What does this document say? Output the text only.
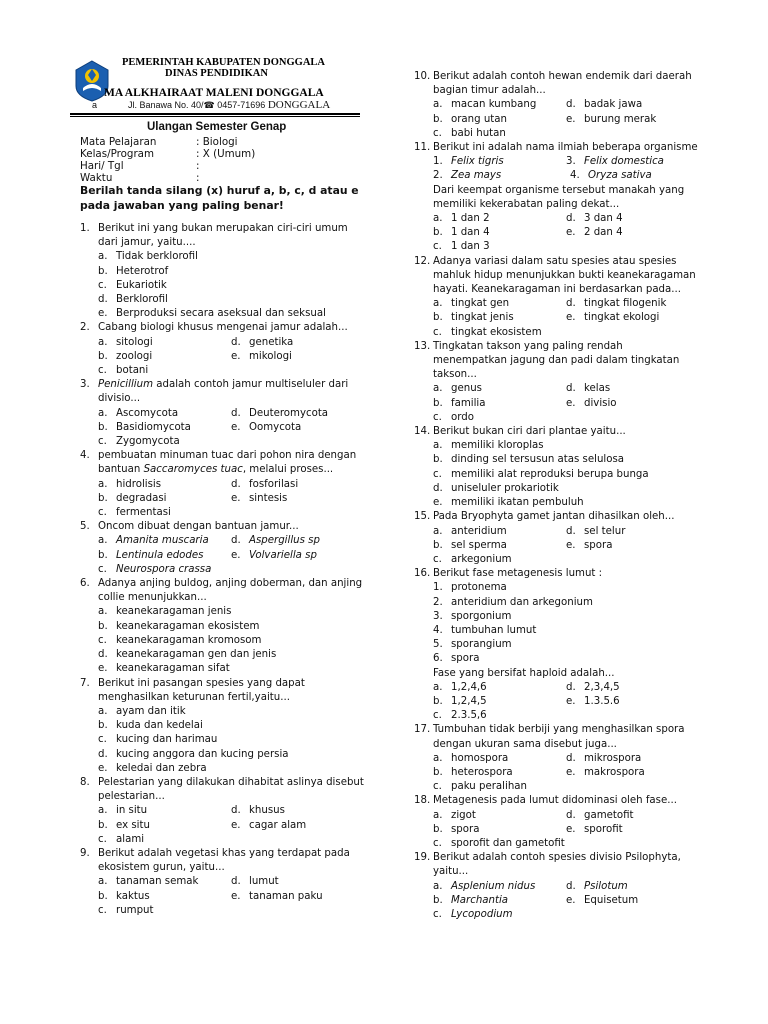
PEMERINTAH KABUPATEN DONGGALA
DINAS PENDIDIKAN
MA ALKHAIRAAT MALENI DONGGALA
a	Jl. Banawa No. 40/☎ 0457-71696 DONGGALA
Ulangan Semester Genap
Mata Pelajaran	: Biologi
Kelas/Program	: X (Umum)
Hari/ Tgl	:
Waktu	:
Berilah tanda silang (x) huruf a, b, c, d atau e pada jawaban yang paling benar!
1. Berikut ini yang bukan merupakan ciri-ciri umum
dari jamur, yaitu....
a. Tidak berklorofil
b. Heterotrof
c. Eukariotik
d. Berklorofil
e. Berproduksi secara aseksual dan seksual
2. Cabang biologi khusus mengenai jamur adalah...
a. sitologi	d. genetika
b. zoologi	e. mikologi
c. botani
3. Penicillium adalah contoh jamur multiseluler dari
divisio...
a. Ascomycota	d. Deuteromycota
b. Basidiomycota	e. Oomycota
c. Zygomycota
4. pembuatan minuman tuac dari pohon nira dengan
bantuan Saccaromyces tuac, melalui proses...
a. hidrolisis	d. fosforilasi
b. degradasi	e. sintesis
c. fermentasi
5. Oncom dibuat dengan bantuan jamur...
a. Amanita muscaria d. Aspergillus sp
b. Lentinula edodes	e. Volvariella sp
c. Neurospora crassa
6. Adanya anjing buldog, anjing doberman, dan anjing
collie menunjukkan...
a. keanekaragaman jenis
b. keanekaragaman ekosistem
c. keanekaragaman kromosom
d. keanekaragaman gen dan jenis
e. keanekaragaman sifat
7. Berikut ini pasangan spesies yang dapat
menghasilkan keturunan fertil,yaitu...
a. ayam dan itik
b. kuda dan kedelai
c. kucing dan harimau
d. kucing anggora dan kucing persia
e. keledai dan zebra
8. Pelestarian yang dilakukan dihabitat aslinya disebut
pelestarian...
a. in situ	d. khusus
b. ex situ	e. cagar alam
c. alami
9. Berikut adalah vegetasi khas yang terdapat pada
ekosistem gurun, yaitu...
a. tanaman semak	d. lumut
b. kaktus	e. tanaman paku
c. rumput
10. Berikut adalah contoh hewan endemik dari daerah
bagian timur adalah...
a. macan kumbang	d. badak jawa
b. orang utan	e. burung merak
c. babi hutan
11. Berikut ini adalah nama ilmiah beberapa organisme
1. Felix tigris	3. Felix domestica
2. Zea mays	4. Oryza sativa
Dari keempat organisme tersebut manakah yang
memiliki kekerabatan paling dekat...
a. 1 dan 2	d. 3 dan 4
b. 1 dan 4	e. 2 dan 4
c. 1 dan 3
12. Adanya variasi dalam satu spesies atau spesies
mahluk hidup menunjukkan bukti keanekaragaman
hayati. Keanekaragaman ini berdasarkan pada...
a. tingkat gen	d. tingkat filogenik
b. tingkat jenis	e. tingkat ekologi
c. tingkat ekosistem
13. Tingkatan takson yang paling rendah
menempatkan jagung dan padi dalam tingkatan
takson...
a. genus	d. kelas
b. familia	e. divisio
c. ordo
14. Berikut bukan ciri dari plantae yaitu...
a. memiliki kloroplas
b. dinding sel tersusun atas selulosa
c. memiliki alat reproduksi berupa bunga
d. uniseluler prokariotik
e. memiliki ikatan pembuluh
15. Pada Bryophyta gamet jantan dihasilkan oleh...
a. anteridium	d. sel telur
b. sel sperma	e. spora
c. arkegonium
16. Berikut fase metagenesis lumut :
1. protonema
2. anteridium dan arkegonium
3. sporgonium
4. tumbuhan lumut
5. sporangium
6. spora
Fase yang bersifat haploid adalah...
a. 1,2,4,6	d. 2,3,4,5
b. 1,2,4,5	e. 1.3.5.6
c. 2.3.5,6
17. Tumbuhan tidak berbiji yang menghasilkan spora
dengan ukuran sama disebut juga...
a. homospora	d. mikrospora
b. heterospora	e. makrospora
c. paku peralihan
18. Metagenesis pada lumut didominasi oleh fase...
a. zigot	d. gametofit
b. spora	e. sporofit
c. sporofit dan gametofit
19. Berikut adalah contoh spesies divisio Psilophyta,
yaitu...
a. Asplenium nidus	d. Psilotum
b. Marchantia	e. Equisetum
c. Lycopodium
